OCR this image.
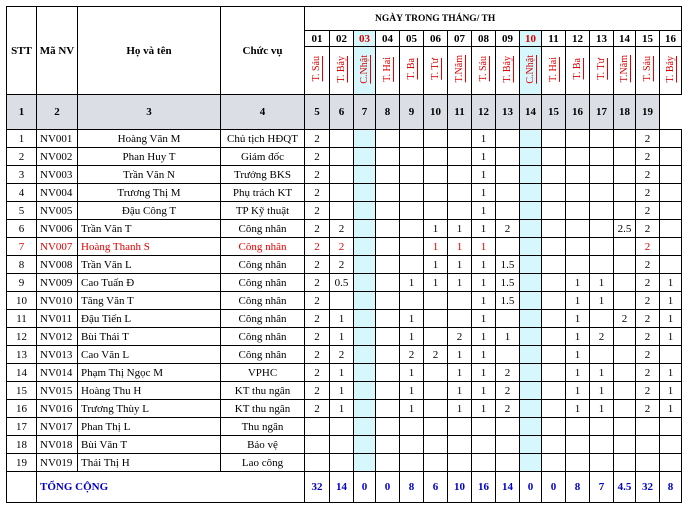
STT	Mã NV	Họ và tên	Chức vụ	NGÀY TRONG THÁNG/ TH															
				01	02	03	04	05	06	07	08	09	10	11	12	13	14	15	16
				T. Sáu	T. Bảy	C.Nhật	T. Hai	T. Ba	T. Tư	T.Năm	T. Sáu	T. Bảy	C.Nhật	T. Hai	T. Ba	T. Tư	T.Năm	T. Sáu	T. Bảy
1	2	3	4	5	6	7	8	9	10	11	12	13	14	15	16	17	18	19	
1	NV001	Hoàng Văn M	Chủ tịch HĐQT	2							1							2	
2	NV002	Phan Huy T	Giám đốc	2							1							2	
3	NV003	Trần Văn N	Trưởng BKS	2							1							2	
4	NV004	Trương Thị M	Phụ trách KT	2							1							2	
5	NV005	Đậu Công T	TP Kỹ thuật	2							1							2	
6	NV006	Trần Văn T	Công nhân	2	2				1	1	1	2					2.5	2	
7	NV007	Hoàng Thanh S	Công nhân	2	2				1	1	1							2	
8	NV008	Trần Văn L	Công nhân	2	2				1	1	1	1.5						2	
9	NV009	Cao Tuấn Đ	Công nhân	2	0.5			1	1	1	1	1.5			1	1		2	1
10	NV010	Tăng Văn T	Công nhân	2							1	1.5			1	1		2	1
11	NV011	Đậu Tiến L	Công nhân	2	1			1			1				1		2	2	1
12	NV012	Bùi Thái T	Công nhân	2	1			1		2	1	1			1	2		2	1
13	NV013	Cao Văn L	Công nhân	2	2			2	2	1	1				1			2	
14	NV014	Phạm Thị Ngọc M	VPHC	2	1			1		1	1	2			1	1		2	1
15	NV015	Hoàng Thu H	KT thu ngân	2	1			1		1	1	2			1	1		2	1
16	NV016	Trương Thùy L	KT thu ngân	2	1			1		1	1	2			1	1		2	1
17	NV017	Phan Thị L	Thu ngân																
18	NV018	Bùi Văn T	Bảo vệ																
19	NV019	Thái Thị H	Lao công																
	TỔNG CỘNG			32	14	0	0	8	6	10	16	14	0	0	8	7	4.5	32	8
